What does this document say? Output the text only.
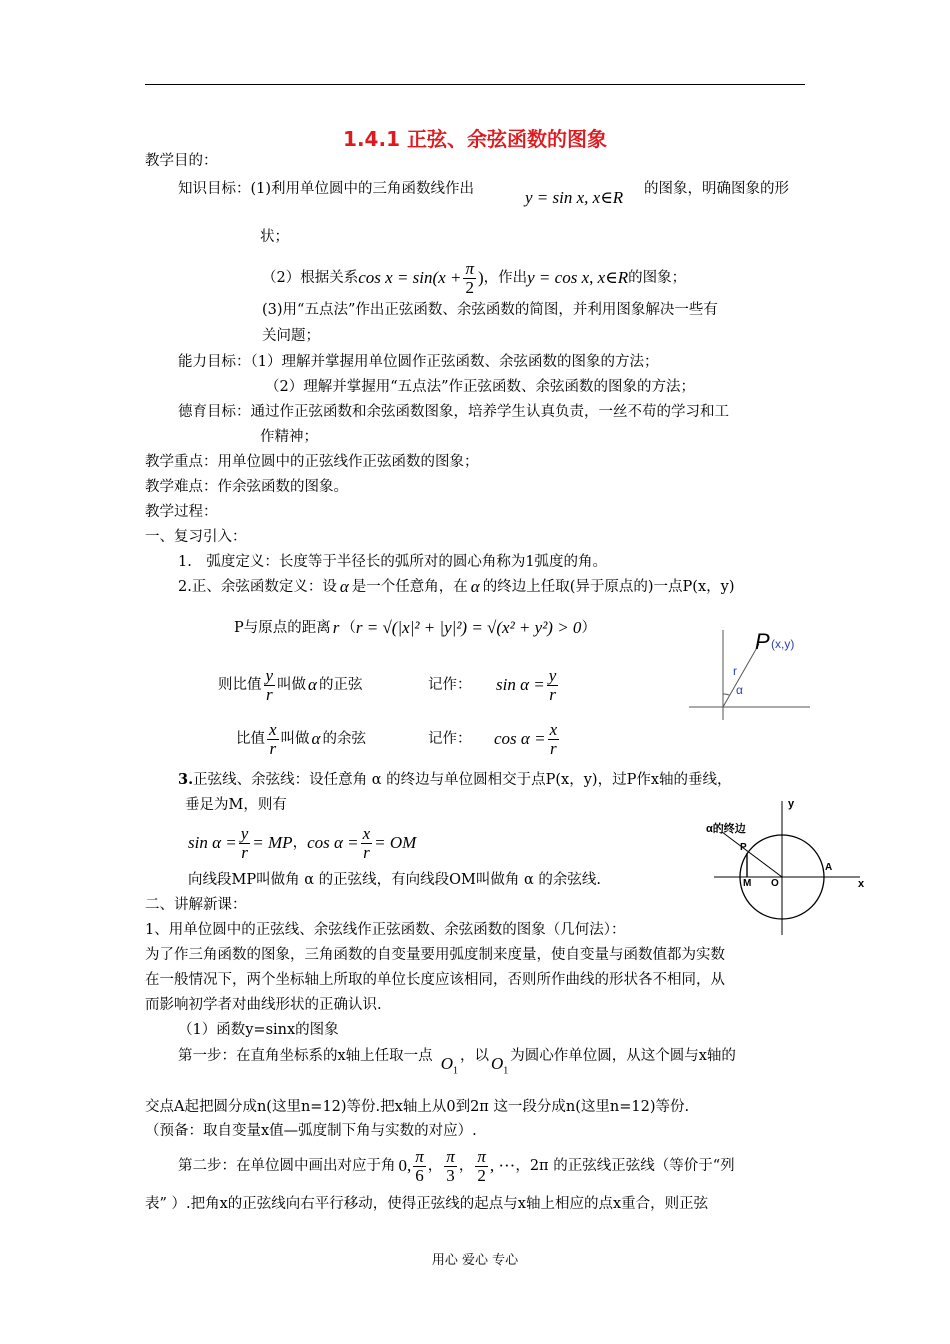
1.4.1 正弦、余弦函数的图象
教学目的：
知识目标：(1)利用单位圆中的三角函数线作出	y = sin x, x∈R 的图象，明确图象的形
状；
（2）根据关系 $\cos x = \sin(x + \frac{\pi}{2}$ ) ，作出 y = cos x, x∈R 的图象；
(3)用“五点法”作出正弦函数、余弦函数的简图，并利用图象解决一些有
关问题；
能力目标：（1）理解并掌握用单位圆作正弦函数、余弦函数的图象的方法；
（2）理解并掌握用“五点法”作正弦函数、余弦函数的图象的方法；
德育目标：通过作正弦函数和余弦函数图象，培养学生认真负责，一丝不苟的学习和工
作精神；
教学重点：用单位圆中的正弦线作正弦函数的图象；
教学难点：作余弦函数的图象。
教学过程：
一、复习引入：
1.　弧度定义：长度等于半径长的弧所对的圆心角称为1弧度的角。
2.正、余弦函数定义：设 α 是一个任意角，在 α 的终边上任取(异于原点的)一点P(x，y)
P与原点的距离 r （ r = √(|x|² + |y|²) = √(x² + y²) > 0 ）
则比值 $\frac{y}{r}$ 叫做 α 的正弦	记作： $\sin \alpha = \frac{y}{r}$
比值 $\frac{x}{r}$ 叫做 α 的余弦	记作： $\cos \alpha = \frac{x}{r}$
P (x,y)
r
α
3.正弦线、余弦线：设任意角 α 的终边与单位圆相交于点P(x，y)，过P作x轴的垂线，
垂足为M，则有
$\sin \alpha = \frac{y}{r}$ = MP ， $\cos \alpha = \frac{x}{r}$ = OM
向线段MP叫做角 α 的正弦线，有向线段OM叫做角 α 的余弦线.
α的终边
y
x
P
M O
A
二、讲解新课：
1、用单位圆中的正弦线、余弦线作正弦函数、余弦函数的图象（几何法）：
为了作三角函数的图象，三角函数的自变量要用弧度制来度量，使自变量与函数值都为实数
在一般情况下，两个坐标轴上所取的单位长度应该相同，否则所作曲线的形状各不相同，从
而影响初学者对曲线形状的正确认识.
（1）函数y=sinx的图象
第一步：在直角坐标系的x轴上任取一点 $O_1$
，以 $O_1$
为圆心作单位圆，从这个圆与x轴的
交点A起把圆分成n(这里n=12)等份.把x轴上从0到2π 这一段分成n(这里n=12)等份.
（预备：取自变量x值—弧度制下角与实数的对应）.
第二步：在单位圆中画出对应于角 0, $\frac{\pi}{6}$ ， $\frac{\pi}{3}$ ， $\frac{\pi}{2}$ , ··· ，2π 的正弦线正弦线（等价于“列
表” ）.把角x的正弦线向右平行移动，使得正弦线的起点与x轴上相应的点x重合，则正弦
用心 爱心 专心
